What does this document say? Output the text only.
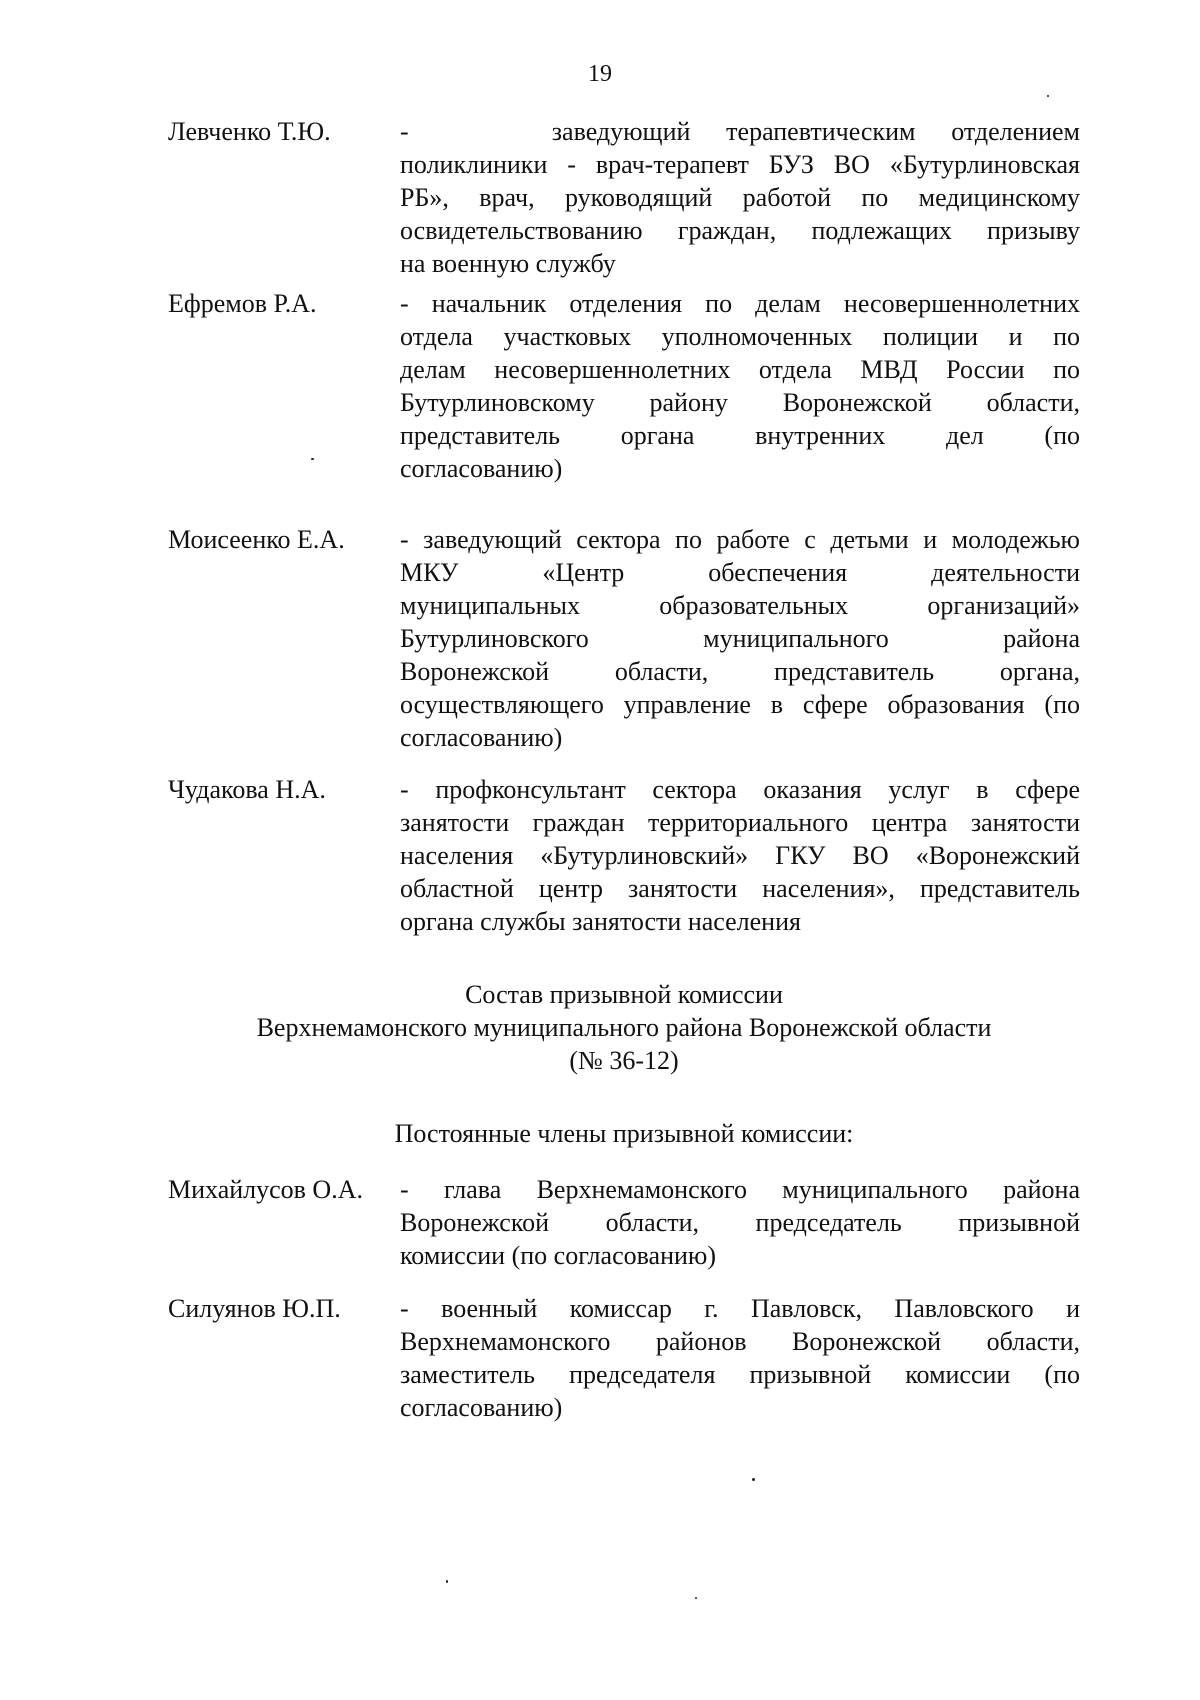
19
Левченко Т.Ю.	-    заведующий терапевтическим отделением
поликлиники - врач-терапевт БУЗ ВО «Бутурлиновская
РБ», врач, руководящий работой по медицинскому
освидетельствованию граждан, подлежащих призыву
на военную службу
Ефремов Р.А.	- начальник отделения по делам несовершеннолетних
отдела участковых уполномоченных полиции и по
делам несовершеннолетних отдела МВД России по
Бутурлиновскому району Воронежской области,
представитель органа внутренних дел (по
согласованию)
Моисеенко Е.А. - заведующий сектора по работе с детьми и молодежью
МКУ «Центр обеспечения деятельности
муниципальных образовательных организаций»
Бутурлиновского муниципального района
Воронежской области, представитель органа,
осуществляющего управление в сфере образования (по
согласованию)
Чудакова Н.А.	- профконсультант сектора оказания услуг в сфере
занятости граждан территориального центра занятости
населения «Бутурлиновский» ГКУ ВО «Воронежский
областной центр занятости населения», представитель
органа службы занятости населения
Состав призывной комиссии
Верхнемамонского муниципального района Воронежской области
(№ 36-12)
Постоянные члены призывной комиссии:
Михайлусов О.А. - глава Верхнемамонского муниципального района
Воронежской области, председатель призывной
комиссии (по согласованию)
Силуянов Ю.П. - военный комиссар г. Павловск, Павловского и
Верхнемамонского районов Воронежской области,
заместитель председателя призывной комиссии (по
согласованию)
